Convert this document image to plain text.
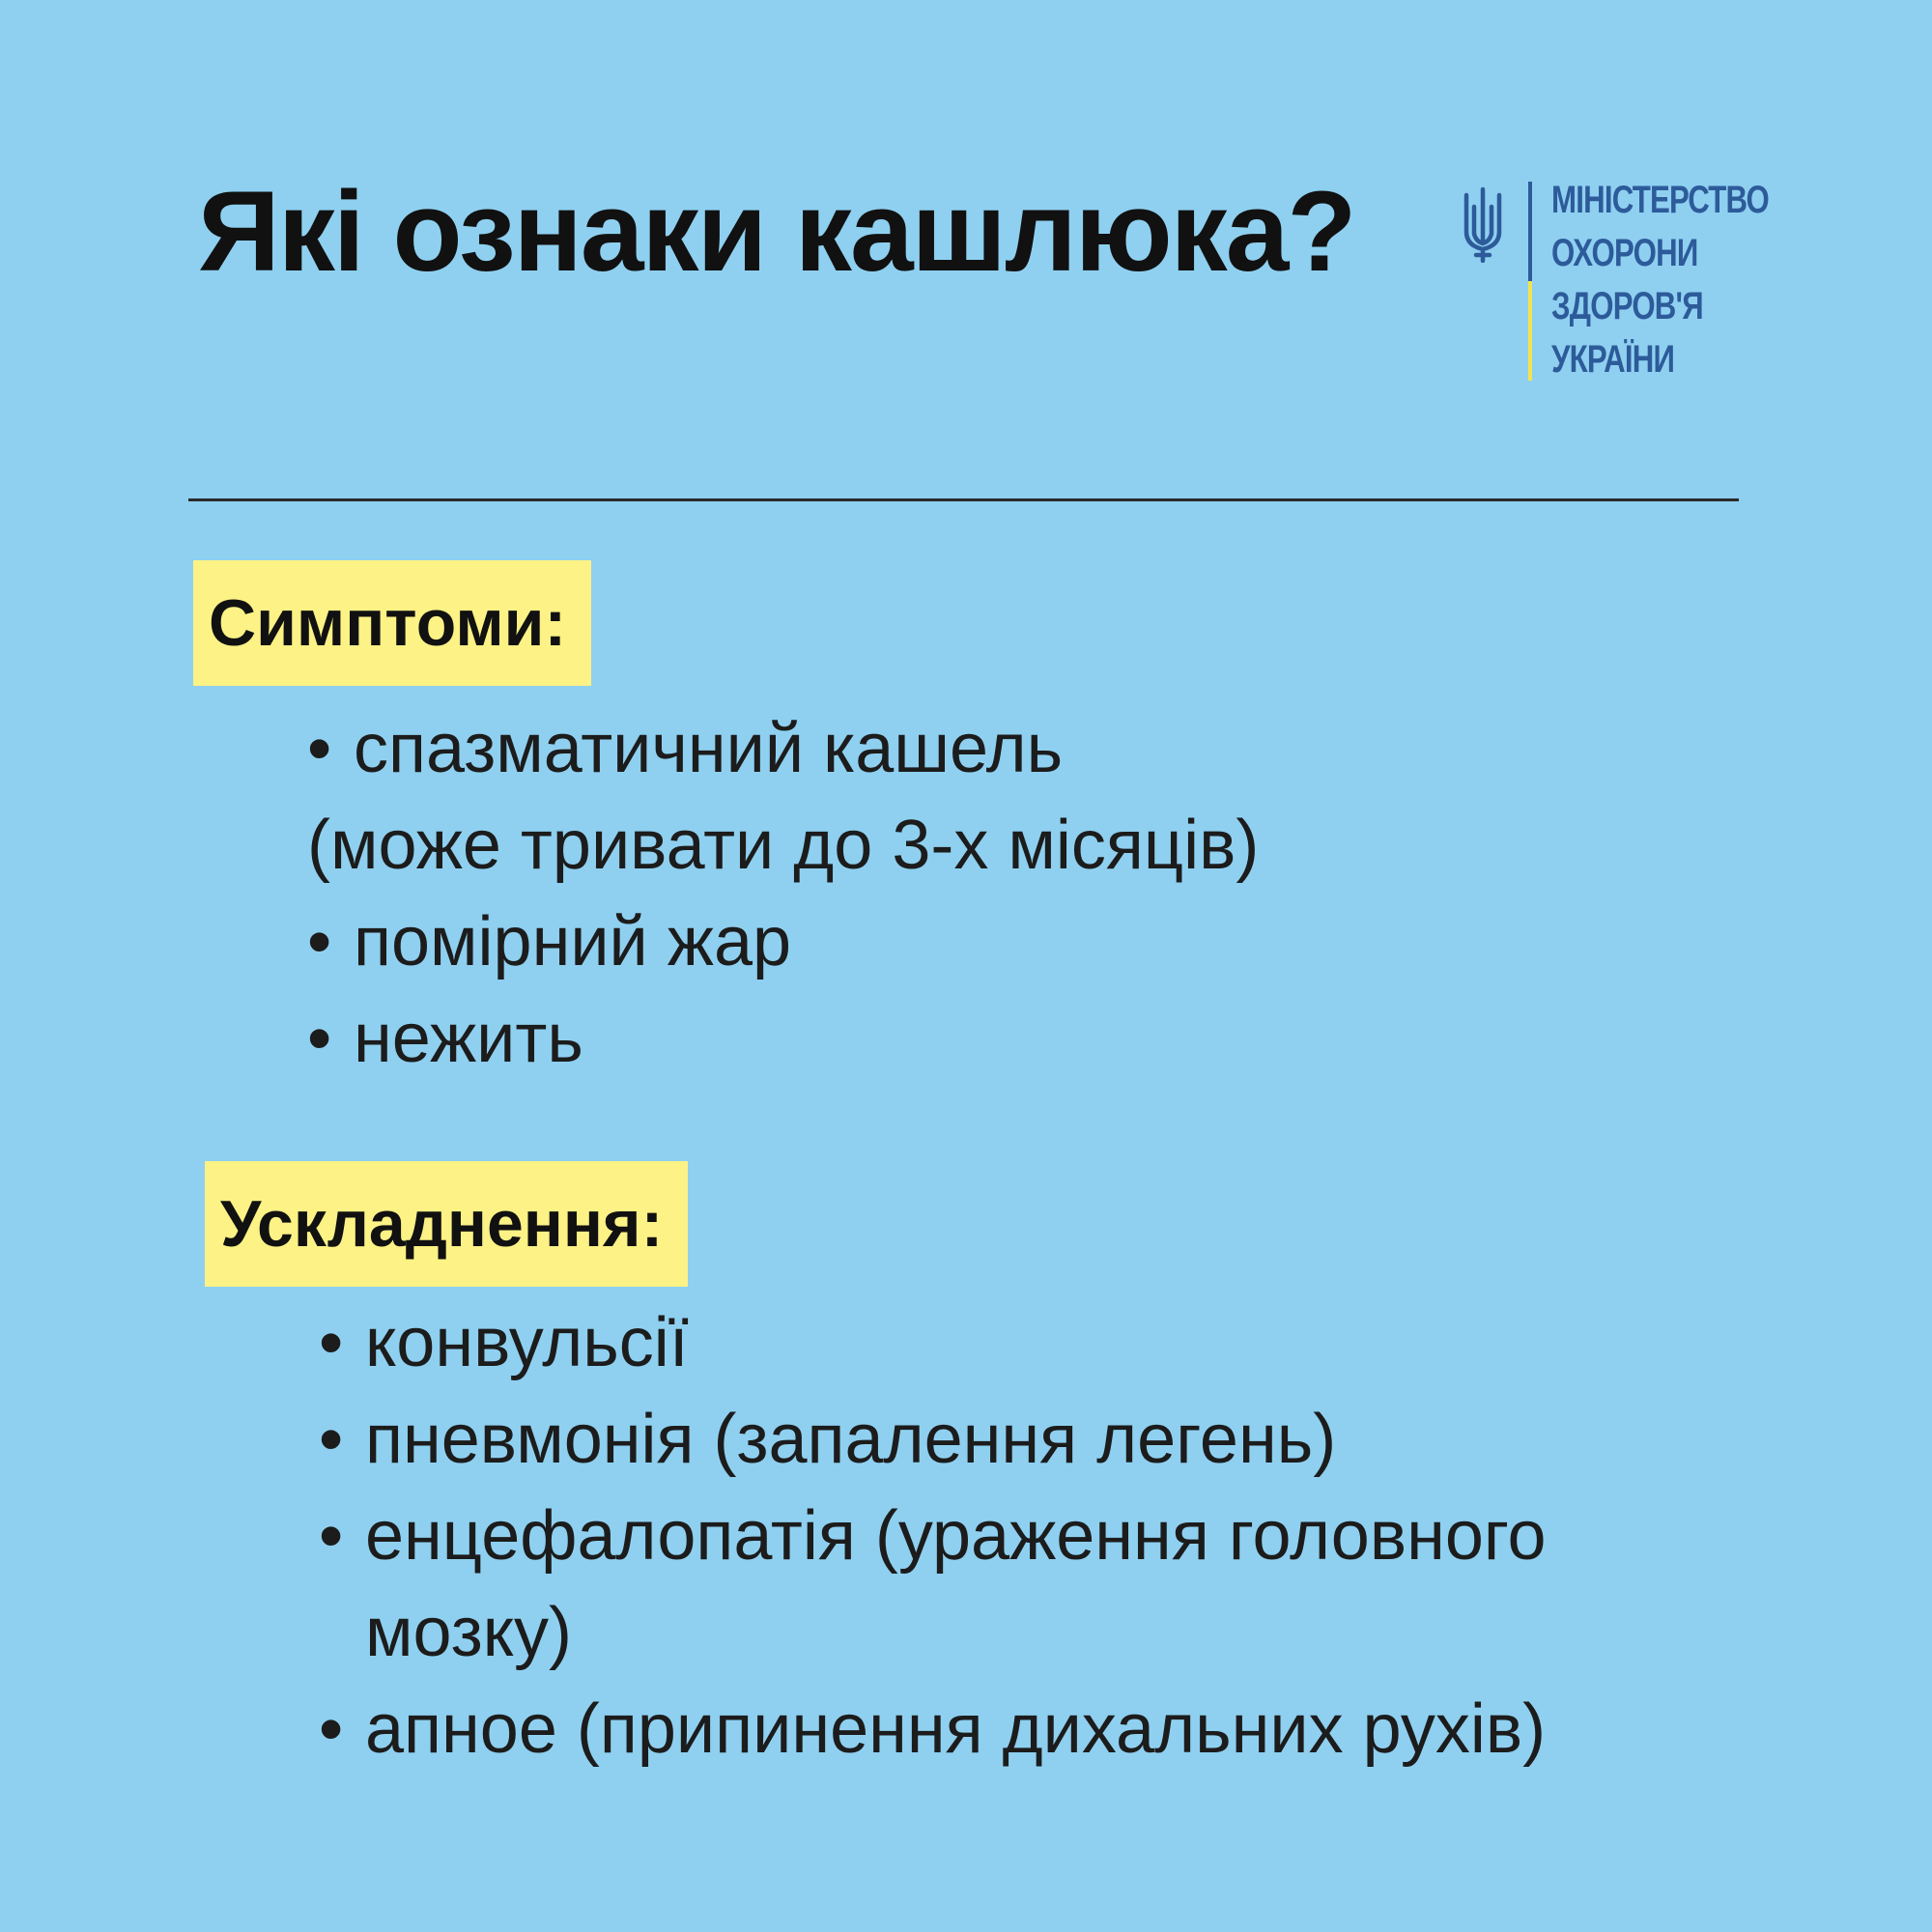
Які ознаки кашлюка?	МІНІСТЕРСТВО
ОХОРОНИ
ЗДОРОВ'Я
УКРАЇНИ
Симптоми:
• спазматичний кашель
(може тривати до 3-х місяців)
• помірний жар
• нежить
Ускладнення:
• конвульсії
• пневмонія (запалення легень)
• енцефалопатія (ураження головного
мозку)
• апное (припинення дихальних рухів)
